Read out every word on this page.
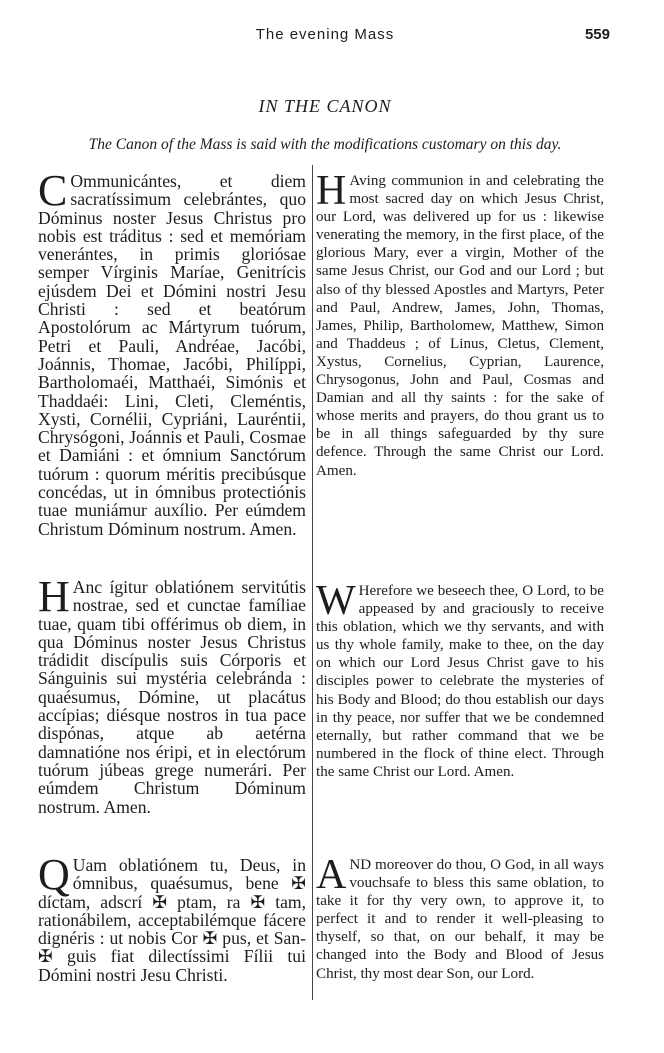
The evening Mass	559
IN THE CANON
The Canon of the Mass is said with the modifications customary on this day.
C Ommunicántes, et diem sacratíssimum celebrántes, quo Dóminus noster Jesus Christus pro nobis est tráditus : sed et memóriam venerántes, in primis gloriósae semper Vírginis Maríae, Genitrícis ejúsdem Dei et Dómini nostri Jesu Christi : sed et beatórum Apostolórum ac Mártyrum tuórum, Petri et Pauli, Andréae, Jacóbi, Joánnis, Thomae, Jacóbi, Philíppi, Bartholomaéi, Matthaéi, Simónis et Thaddaéi: Lini, Cleti, Cleméntis, Xysti, Cornélii, Cypriáni, Lauréntii, Chrysógoni, Joánnis et Pauli, Cosmae et Damiáni : et ómnium Sanctórum tuórum : quorum méritis precibúsque concédas, ut in ómnibus protectiónis tuae muniámur auxílio. Per eúmdem Christum Dóminum nostrum. Amen.
H Aving communion in and celebrating the most sacred day on which Jesus Christ, our Lord, was delivered up for us : likewise venerating the memory, in the first place, of the glorious Mary, ever a virgin, Mother of the same Jesus Christ, our God and our Lord ; but also of thy blessed Apostles and Martyrs, Peter and Paul, Andrew, James, John, Thomas, James, Philip, Bartholomew, Matthew, Simon and Thaddeus ; of Linus, Cletus, Clement, Xystus, Cornelius, Cyprian, Laurence, Chrysogonus, John and Paul, Cosmas and Damian and all thy saints : for the sake of whose merits and prayers, do thou grant us to be in all things safeguarded by thy sure defence. Through the same Christ our Lord. Amen.
H Anc ígitur oblatiónem servitútis nostrae, sed et cunctae famíliae tuae, quam tibi offérimus ob diem, in qua Dóminus noster Jesus Christus trádidit discípulis suis Córporis et Sánguinis sui mystéria celebránda : quaésumus, Dómine, ut placátus accípias; diésque nostros in tua pace dispónas, atque ab aetérna damnatióne nos éripi, et in electórum tuórum júbeas grege numerári. Per eúmdem Christum Dóminum nostrum. Amen.
W Herefore we beseech thee, O Lord, to be appeased by and graciously to receive this oblation, which we thy servants, and with us thy whole family, make to thee, on the day on which our Lord Jesus Christ gave to his disciples power to celebrate the mysteries of his Body and Blood; do thou establish our days in thy peace, nor suffer that we be condemned eternally, but rather command that we be numbered in the flock of thine elect. Through the same Christ our Lord. Amen.
Q Uam oblatiónem tu, Deus, in ómnibus, quaésumus, bene ✠ díctam, adscrí ✠ ptam, ra ✠ tam, rationábilem, acceptabilémque fácere dignéris : ut nobis Cor ✠ pus, et San- ✠ guis fiat dilectíssimi Fílii tui Dómini nostri Jesu Christi.
AND moreover do thou, O God, in all ways vouchsafe to bless this same oblation, to take it for thy very own, to approve it, to perfect it and to render it well-pleasing to thyself, so that, on our behalf, it may be changed into the Body and Blood of Jesus Christ, thy most dear Son, our Lord.
